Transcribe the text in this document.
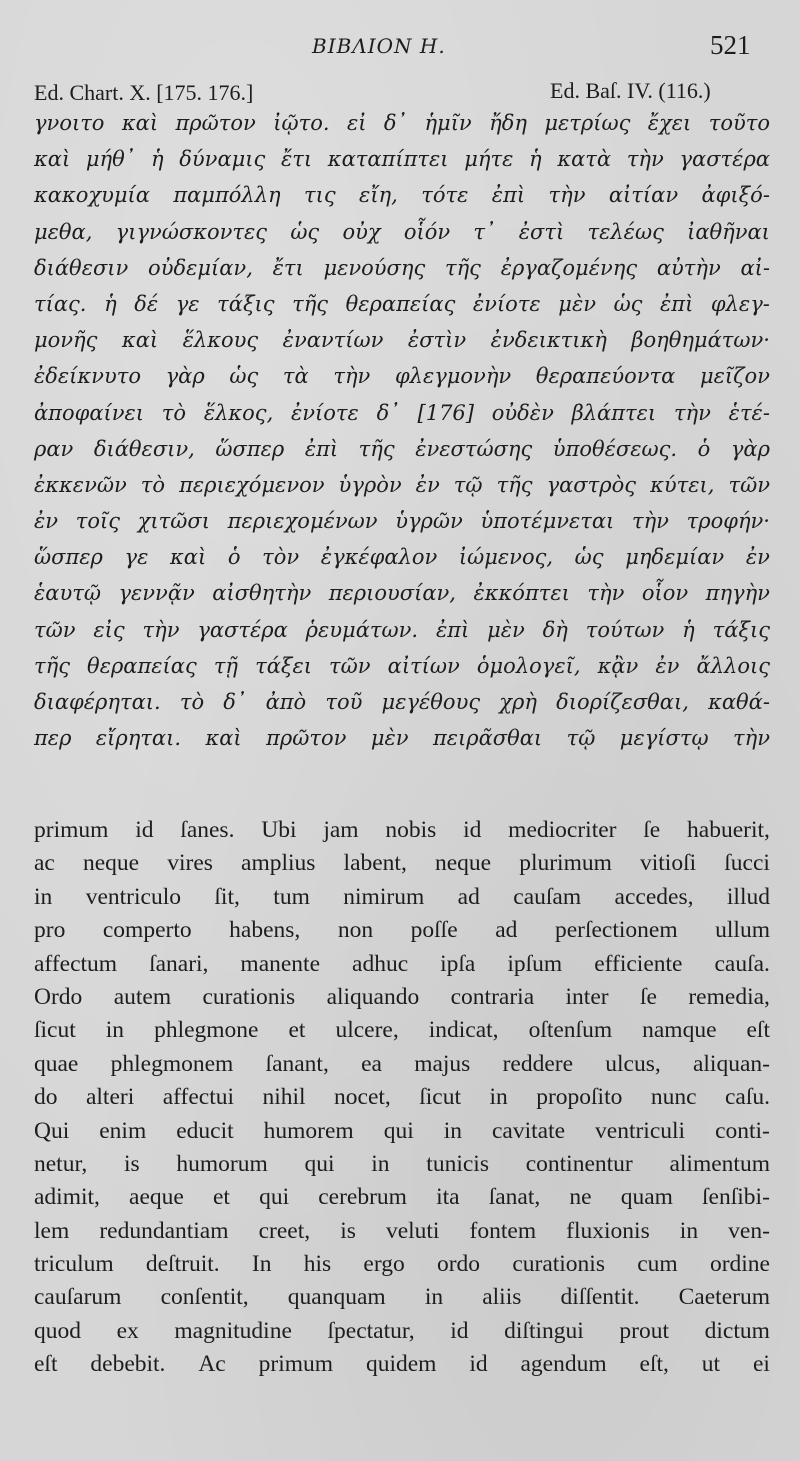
BIBΛΙΟΝ Η.	521
Ed. Chart. X. [175. 176.]	Ed. Baſ. IV. (116.)
γνοιτο καὶ πρῶτον ἰῷτο. εἰ δ᾽ ἡμῖν ἤδη μετρίως ἔχει τοῦτο
καὶ μήθ᾽ ἡ δύναμις ἔτι καταπίπτει μήτε ἡ κατὰ τὴν γαστέρα
κακοχυμία παμπόλλη τις εἴη, τότε ἐπὶ τὴν αἰτίαν ἀφιξό-
μεθα, γιγνώσκοντες ὡς οὐχ οἷόν τ᾽ ἐστὶ τελέως ἰαθῆναι
διάθεσιν οὐδεμίαν, ἔτι μενούσης τῆς ἐργαζομένης αὐτὴν αἰ-
τίας. ἡ δέ γε τάξις τῆς θεραπείας ἐνίοτε μὲν ὡς ἐπὶ φλεγ-
μονῆς καὶ ἕλκους ἐναντίων ἐστὶν ἐνδεικτικὴ βοηθημάτων·
ἐδείκνυτο γὰρ ὡς τὰ τὴν φλεγμονὴν θεραπεύοντα μεῖζον
ἀποφαίνει τὸ ἕλκος, ἐνίοτε δ᾽ [176] οὐδὲν βλάπτει τὴν ἑτέ-
ραν διάθεσιν, ὥσπερ ἐπὶ τῆς ἐνεστώσης ὑποθέσεως. ὁ γὰρ
ἐκκενῶν τὸ περιεχόμενον ὑγρὸν ἐν τῷ τῆς γαστρὸς κύτει, τῶν
ἐν τοῖς χιτῶσι περιεχομένων ὑγρῶν ὑποτέμνεται τὴν τροφήν·
ὥσπερ γε καὶ ὁ τὸν ἐγκέφαλον ἰώμενος, ὡς μηδεμίαν ἐν
ἑαυτῷ γεννᾷν αἰσθητὴν περιουσίαν, ἐκκόπτει τὴν οἷον πηγὴν
τῶν εἰς τὴν γαστέρα ῥευμάτων. ἐπὶ μὲν δὴ τούτων ἡ τάξις
τῆς θεραπείας τῇ τάξει τῶν αἰτίων ὁμολογεῖ, κᾂν ἐν ἄλλοις
διαφέρηται. τὸ δ᾽ ἀπὸ τοῦ μεγέθους χρὴ διορίζεσθαι, καθά-
περ εἴρηται. καὶ πρῶτον μὲν πειρᾶσθαι τῷ μεγίστῳ τὴν
primum id ſanes. Ubi jam nobis id mediocriter ſe habuerit,
ac neque vires amplius labent, neque plurimum vitioſi ſucci
in ventriculo ſit, tum nimirum ad cauſam accedes, illud
pro comperto habens, non poſſe ad perſectionem ullum
affectum ſanari, manente adhuc ipſa ipſum efficiente cauſa.
Ordo autem curationis aliquando contraria inter ſe remedia,
ſicut in phlegmone et ulcere, indicat, oſtenſum namque eſt
quae phlegmonem ſanant, ea majus reddere ulcus, aliquan-
do alteri affectui nihil nocet, ſicut in propoſito nunc caſu.
Qui enim educit humorem qui in cavitate ventriculi conti-
netur, is humorum qui in tunicis continentur alimentum
adimit, aeque et qui cerebrum ita ſanat, ne quam ſenſibi-
lem redundantiam creet, is veluti fontem fluxionis in ven-
triculum deſtruit. In his ergo ordo curationis cum ordine
cauſarum conſentit, quanquam in aliis diſſentit. Caeterum
quod ex magnitudine ſpectatur, id diſtingui prout dictum
eſt debebit. Ac primum quidem id agendum eſt, ut ei
